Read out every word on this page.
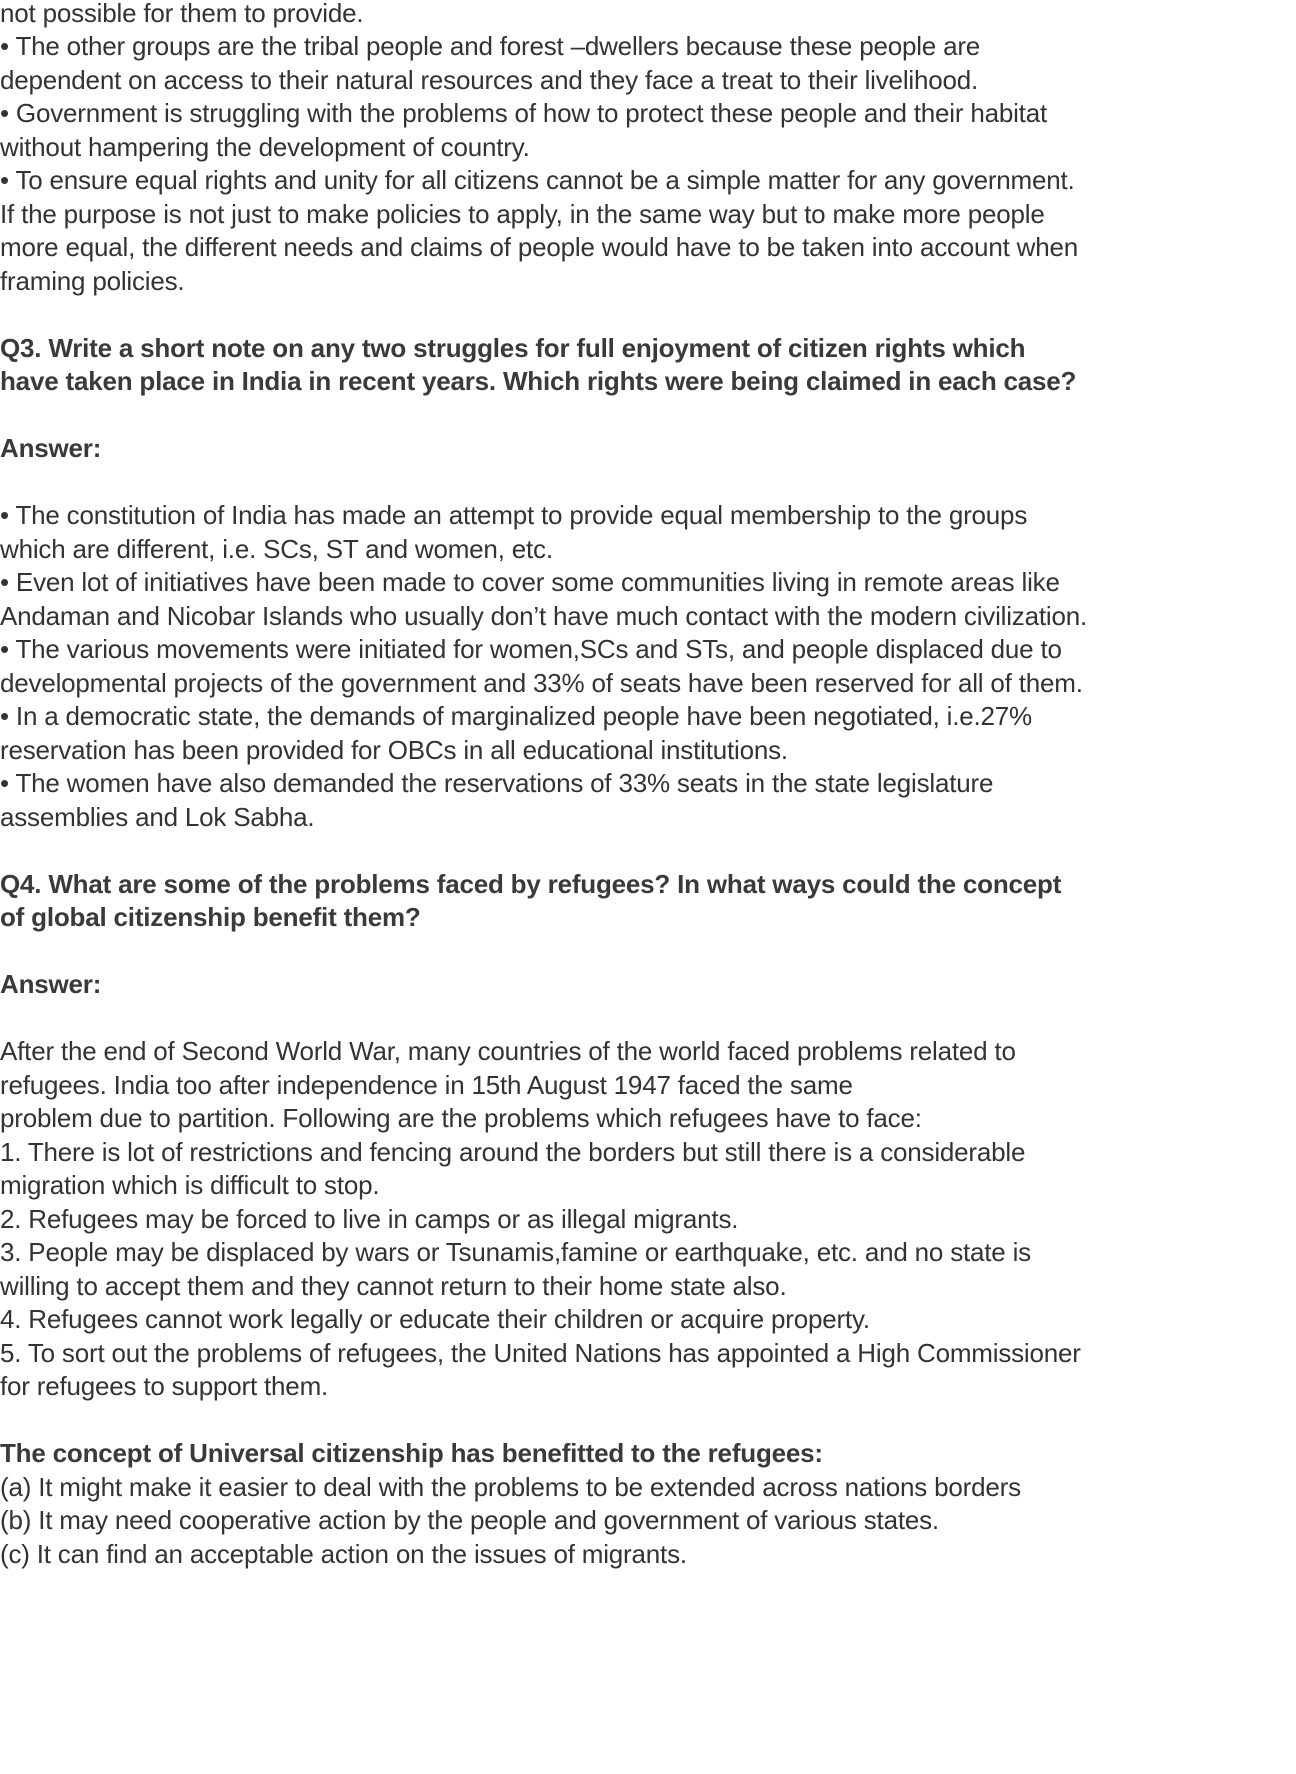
not possible for them to provide.
• The other groups are the tribal people and forest –dwellers because these people are
dependent on access to their natural resources and they face a treat to their livelihood.
• Government is struggling with the problems of how to protect these people and their habitat
without hampering the development of country.
• To ensure equal rights and unity for all citizens cannot be a simple matter for any government.
If the purpose is not just to make policies to apply, in the same way but to make more people
more equal, the different needs and claims of people would have to be taken into account when
framing policies.
Q3. Write a short note on any two struggles for full enjoyment of citizen rights which
have taken place in India in recent years. Which rights were being claimed in each case?
Answer:
• The constitution of India has made an attempt to provide equal membership to the groups
which are different, i.e. SCs, ST and women, etc.
• Even lot of initiatives have been made to cover some communities living in remote areas like
Andaman and Nicobar Islands who usually don’t have much contact with the modern civilization.
• The various movements were initiated for women,SCs and STs, and people displaced due to
developmental projects of the government and 33% of seats have been reserved for all of them.
• In a democratic state, the demands of marginalized people have been negotiated, i.e.27%
reservation has been provided for OBCs in all educational institutions.
• The women have also demanded the reservations of 33% seats in the state legislature
assemblies and Lok Sabha.
Q4. What are some of the problems faced by refugees? In what ways could the concept
of global citizenship benefit them?
Answer:
After the end of Second World War, many countries of the world faced problems related to
refugees. India too after independence in 15th August 1947 faced the same
problem due to partition. Following are the problems which refugees have to face:
1. There is lot of restrictions and fencing around the borders but still there is a considerable
migration which is difficult to stop.
2. Refugees may be forced to live in camps or as illegal migrants.
3. People may be displaced by wars or Tsunamis,famine or earthquake, etc. and no state is
willing to accept them and they cannot return to their home state also.
4. Refugees cannot work legally or educate their children or acquire property.
5. To sort out the problems of refugees, the United Nations has appointed a High Commissioner
for refugees to support them.
The concept of Universal citizenship has benefitted to the refugees:
(a) It might make it easier to deal with the problems to be extended across nations borders
(b) It may need cooperative action by the people and government of various states.
(c) It can find an acceptable action on the issues of migrants.
